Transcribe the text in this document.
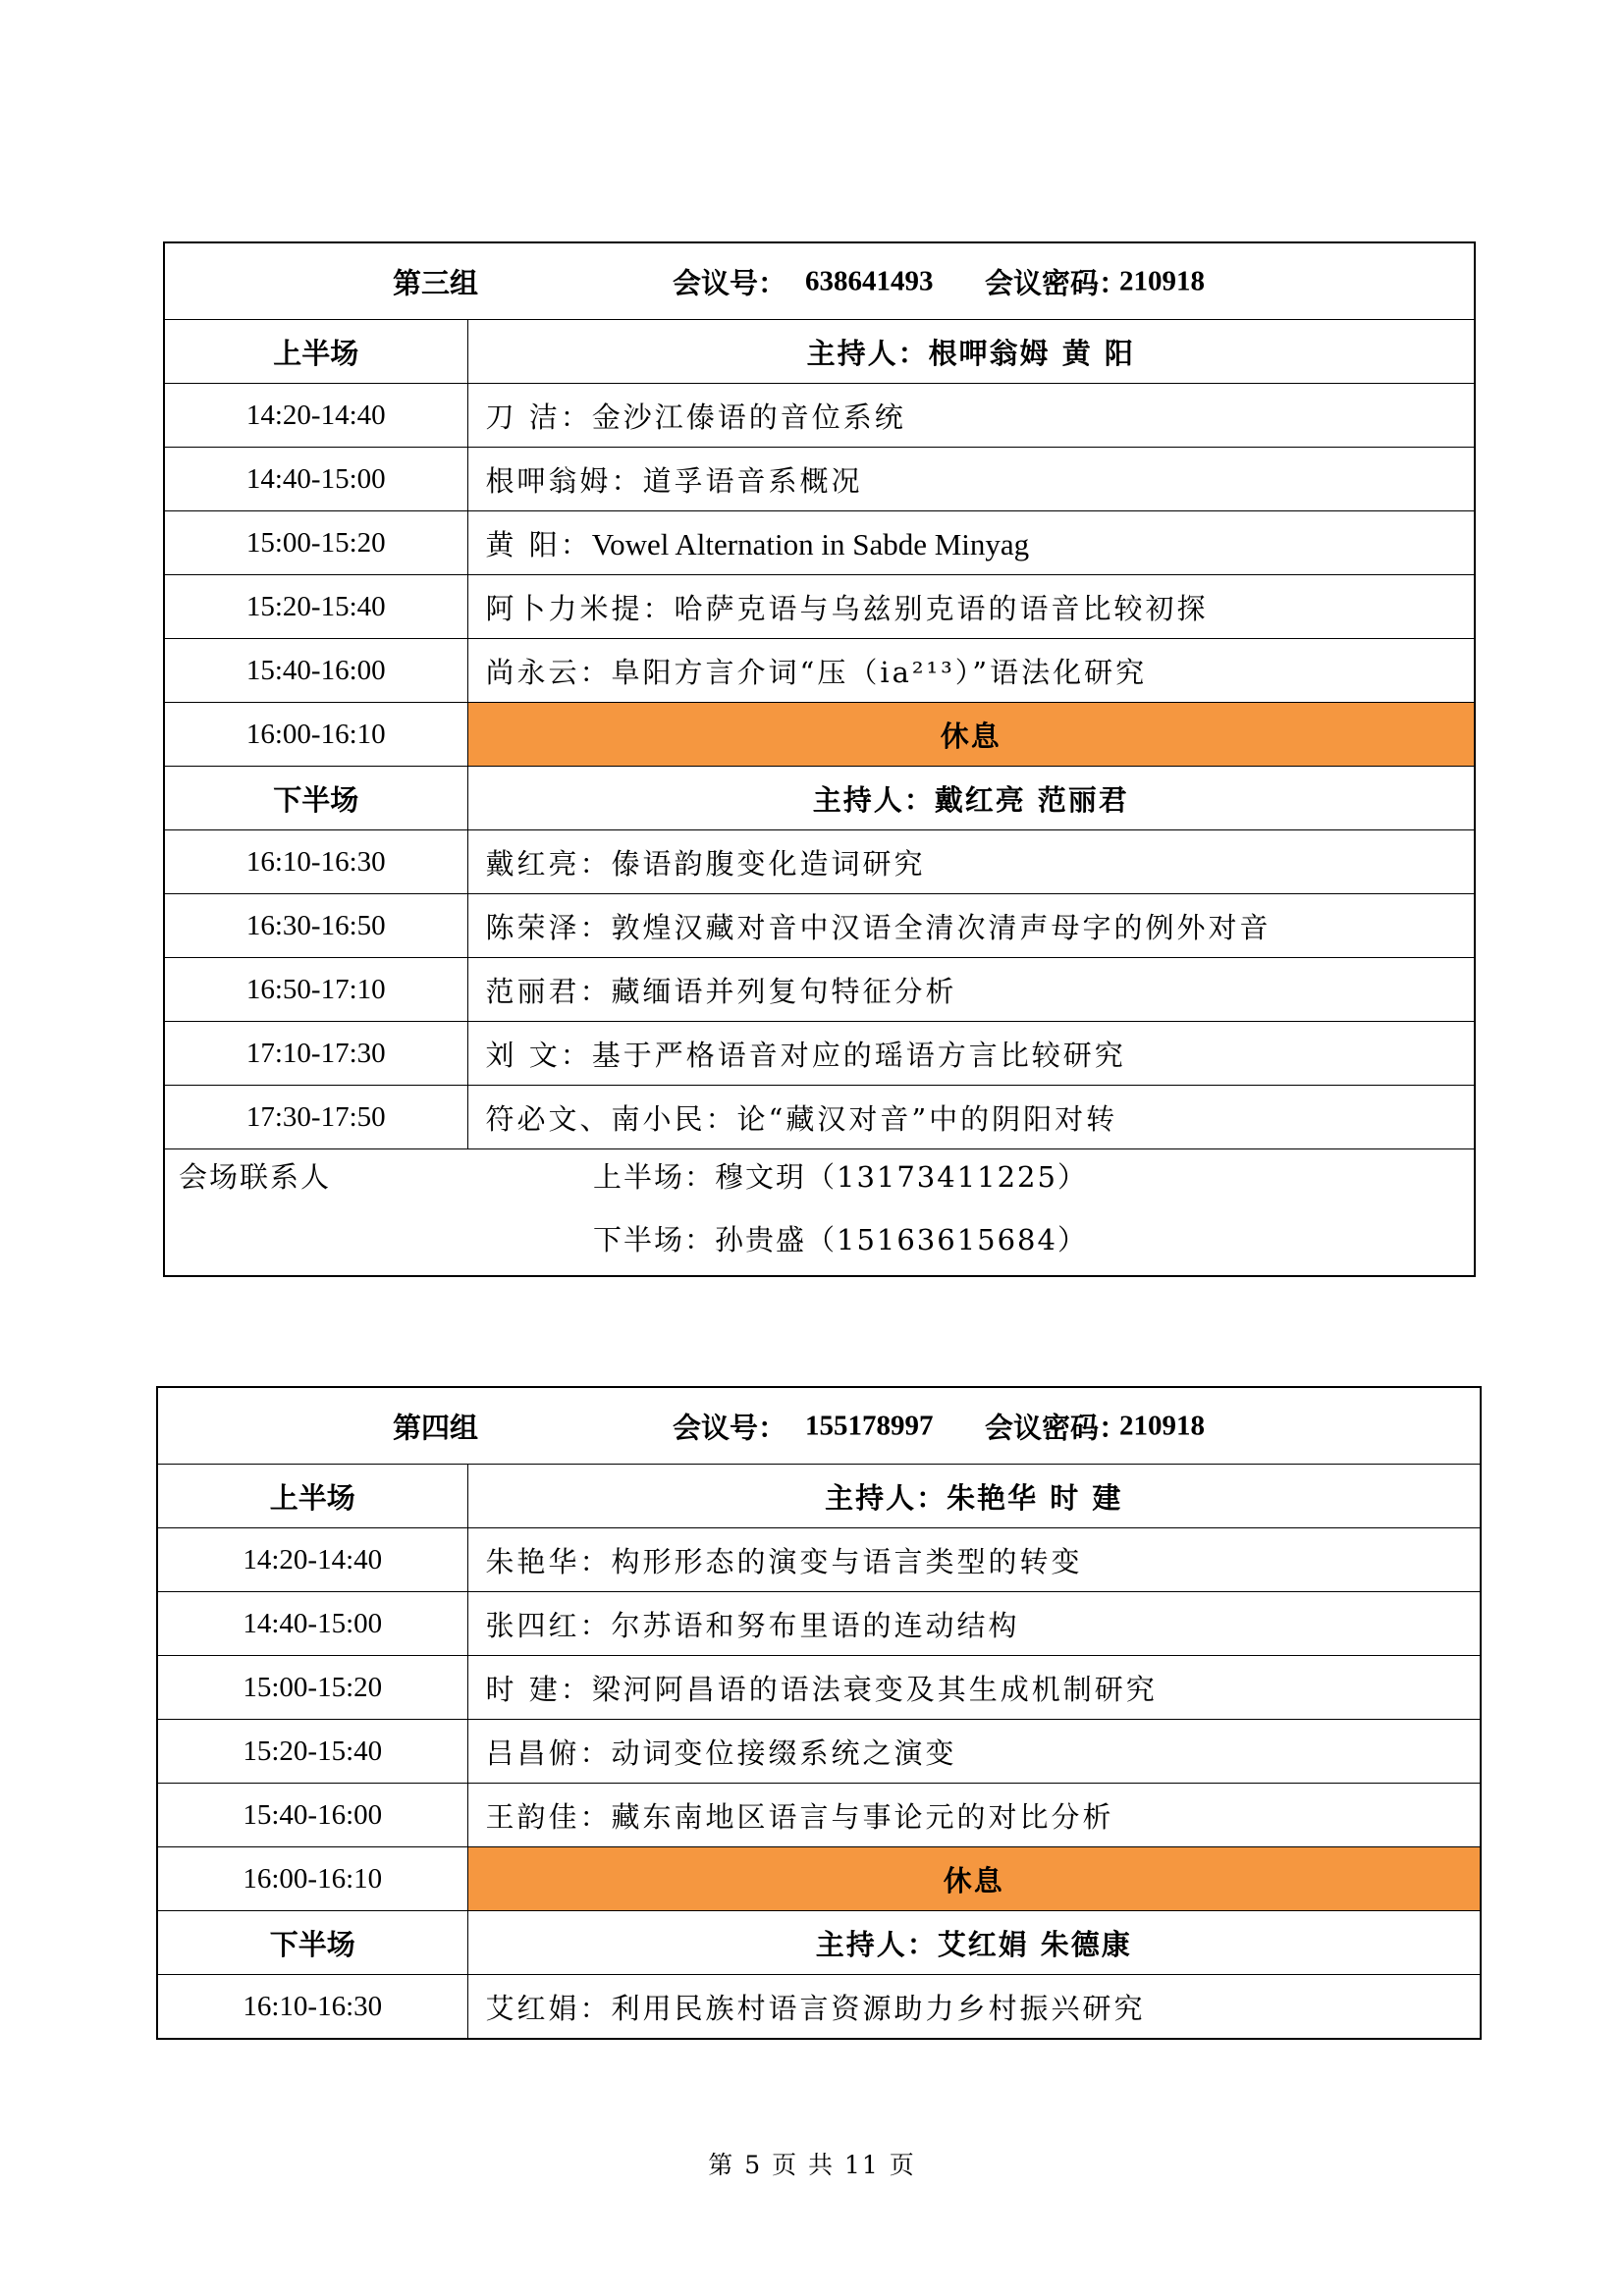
第三组 会议号： 638641493 会议密码：
210918	

上半场	主持人：根呷翁姆 黄 阳
14:20-14:40	刀 洁：金沙江傣语的音位系统
14:40-15:00	根呷翁姆：道孚语音系概况
15:00-15:20	黄 阳：Vowel Alternation in Sabde Minyag
15:20-15:40	阿卜力米提：哈萨克语与乌兹别克语的语音比较初探
15:40-16:00	尚永云：阜阳方言介词“压（ia²¹³）”语法化研究
16:00-16:10	休息
下半场	主持人：戴红亮 范丽君
16:10-16:30	戴红亮：傣语韵腹变化造词研究
16:30-16:50	陈荣泽：敦煌汉藏对音中汉语全清次清声母字的例外对音
16:50-17:10	范丽君：藏缅语并列复句特征分析
17:10-17:30	刘 文：基于严格语音对应的瑶语方言比较研究
17:30-17:50	符必文、南小民：论“藏汉对音”中的阴阳对转

会场联系人 上半场：穆文玥（13173411225）
下半场：孙贵盛（15163615684）	
第四组 会议号： 155178997 会议密码：
210918	

上半场	主持人：朱艳华 时 建
14:20-14:40	朱艳华：构形形态的演变与语言类型的转变
14:40-15:00	张四红：尔苏语和努布里语的连动结构
15:00-15:20	时 建：梁河阿昌语的语法衰变及其生成机制研究
15:20-15:40	吕昌俯：动词变位接缀系统之演变
15:40-16:00	王韵佳：藏东南地区语言与事论元的对比分析
16:00-16:10	休息
下半场	主持人：艾红娟 朱德康
16:10-16:30	艾红娟：利用民族村语言资源助力乡村振兴研究
第 5 页 共 11 页
